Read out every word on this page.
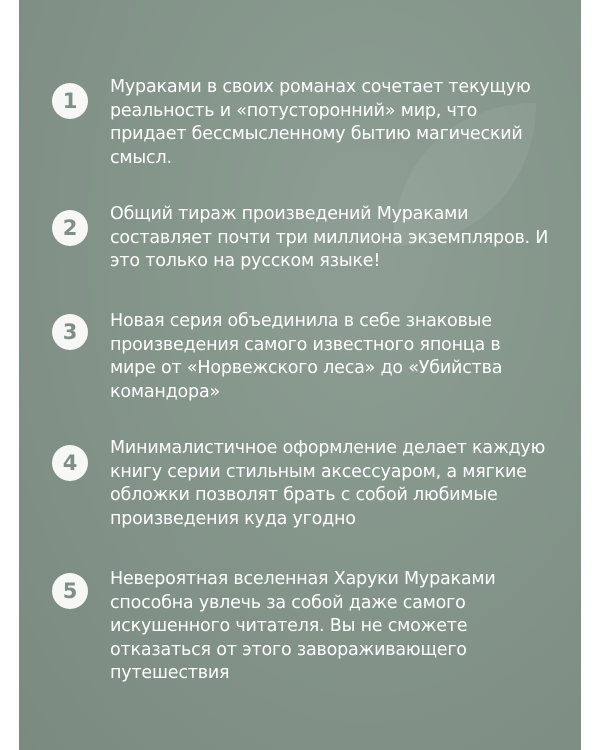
1

Мураками в своих романах сочетает текущую реальность и «потусторонний» мир, что придает бессмысленному бытию магический смысл.

2

Общий тираж произведений Мураками составляет почти три миллиона экземпляров. И это только на русском языке!

3	Новая серия объединила в себе знаковые произведения самого известного японца в мире от «Норвежского леса» до «Убийства командора»

4

Минималистичное оформление делает каждую книгу серии стильным аксессуаром, а мягкие обложки позволят брать с собой любимые произведения куда угодно

5	Невероятная вселенная Харуки Мураками способна увлечь за собой даже самого искушенного читателя. Вы не сможете отказаться от этого завораживающего путешествия
